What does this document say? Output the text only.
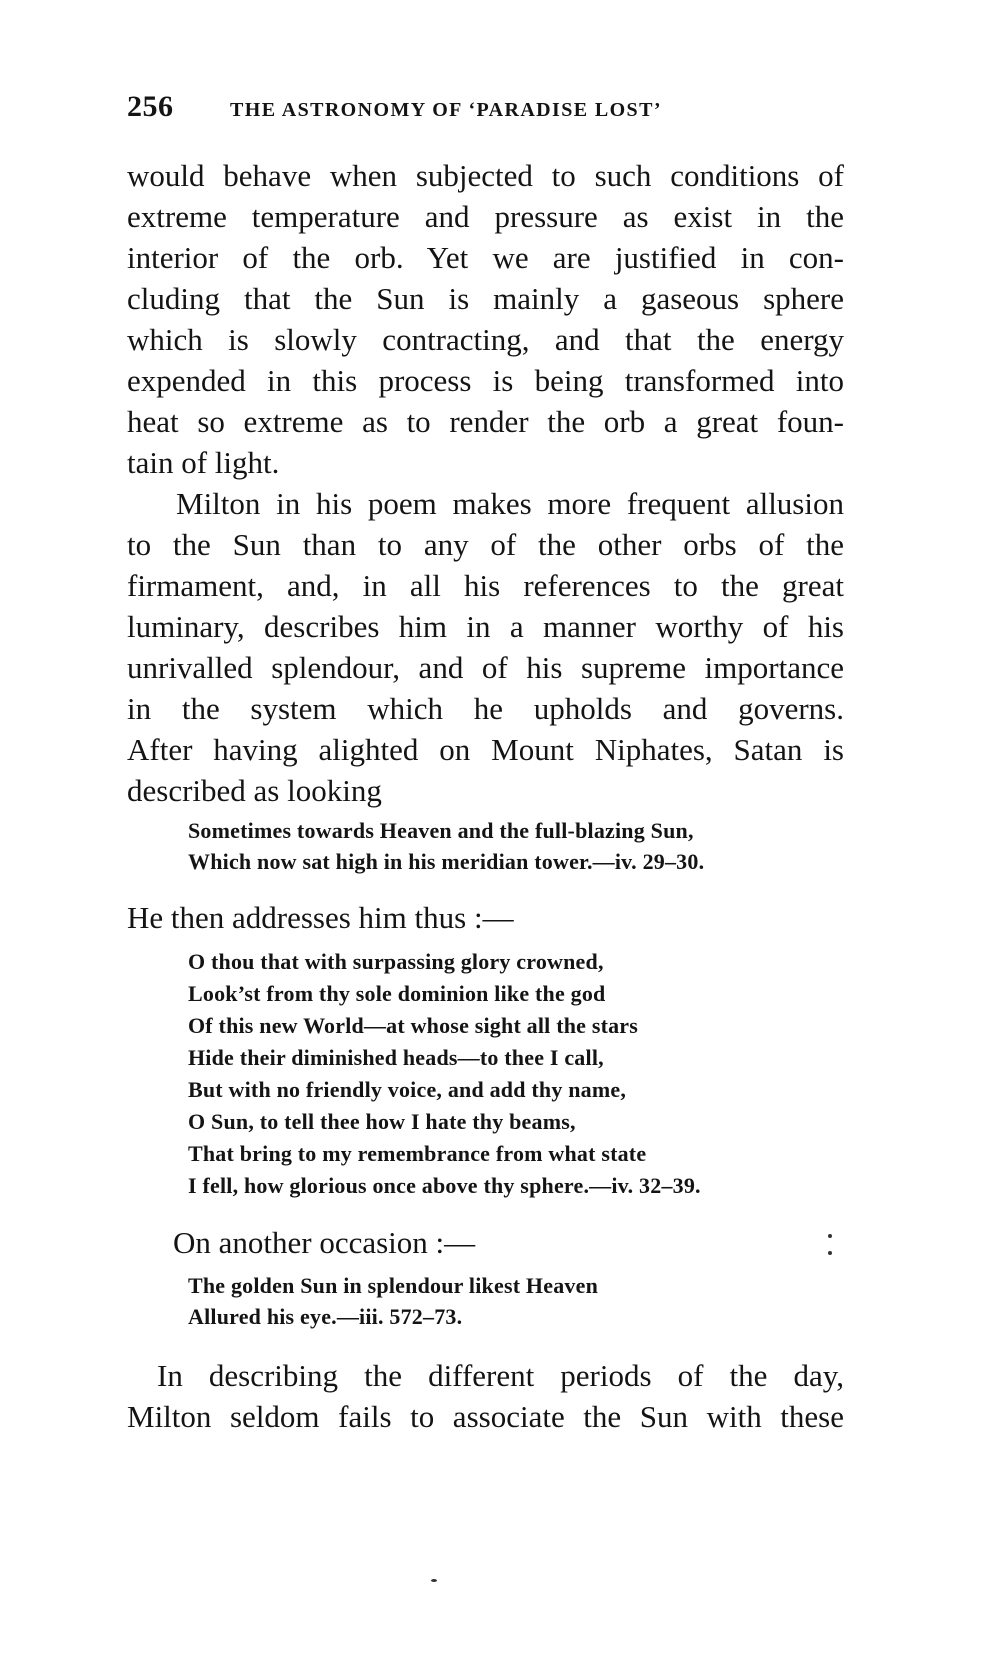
256	THE ASTRONOMY OF ‘PARADISE LOST’
would behave when subjected to such conditions of
extreme temperature and pressure as exist in the
interior of the orb. Yet we are justified in con-
cluding that the Sun is mainly a gaseous sphere
which is slowly contracting, and that the energy
expended in this process is being transformed into
heat so extreme as to render the orb a great foun-
tain of light.
Milton in his poem makes more frequent allusion
to the Sun than to any of the other orbs of the
firmament, and, in all his references to the great
luminary, describes him in a manner worthy of his
unrivalled splendour, and of his supreme importance
in the system which he upholds and governs.
After having alighted on Mount Niphates, Satan is
described as looking
Sometimes towards Heaven and the full-blazing Sun,
Which now sat high in his meridian tower.—iv. 29–30.
He then addresses him thus :—
O thou that with surpassing glory crowned,
Look’st from thy sole dominion like the god
Of this new World—at whose sight all the stars
Hide their diminished heads—to thee I call,
But with no friendly voice, and add thy name,
O Sun, to tell thee how I hate thy beams,
That bring to my remembrance from what state
I fell, how glorious once above thy sphere.—iv. 32–39.
On another occasion :—
The golden Sun in splendour likest Heaven
Allured his eye.—iii. 572–73.
In describing the different periods of the day,
Milton seldom fails to associate the Sun with these
